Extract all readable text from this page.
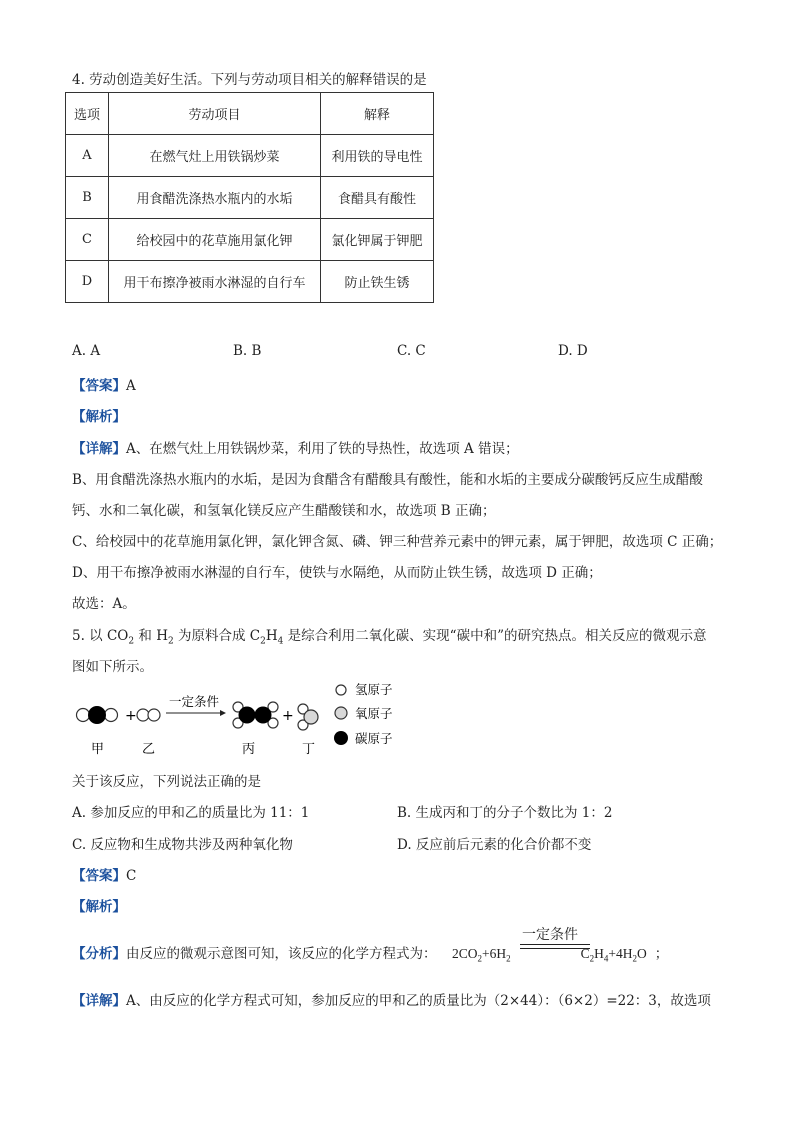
4. 劳动创造美好生活。下列与劳动项目相关的解释错误的是
选项	劳动项目	解释
A	在燃气灶上用铁锅炒菜	利用铁的导电性
B	用食醋洗涤热水瓶内的水垢	食醋具有酸性
C	给校园中的花草施用氯化钾	氯化钾属于钾肥
D	用干布擦净被雨水淋湿的自行车	防止铁生锈
A. A	B. B	C. C	D. D
【答案】A
【解析】
【详解】A、在燃气灶上用铁锅炒菜，利用了铁的导热性，故选项 A 错误；
B、用食醋洗涤热水瓶内的水垢，是因为食醋含有醋酸具有酸性，能和水垢的主要成分碳酸钙反应生成醋酸
钙、水和二氧化碳，和氢氧化镁反应产生醋酸镁和水，故选项 B 正确；
C、给校园中的花草施用氯化钾，氯化钾含氮、磷、钾三种营养元素中的钾元素，属于钾肥，故选项 C 正确；
D、用干布擦净被雨水淋湿的自行车，使铁与水隔绝，从而防止铁生锈，故选项 D 正确；
故选：A。
5. 以 $CO_2$ 和 $H_2$ 为原料合成 $C_2H_4$ 是综合利用二氧化碳、实现“碳中和”的研究热点。相关反应的微观示意
图如下所示。
+
一定条件
+
甲	乙	丙	丁
氢原子
氧原子
碳原子
关于该反应，下列说法正确的是
A. 参加反应的甲和乙的质量比为 11：1	B. 生成丙和丁的分子个数比为 1：2
C. 反应物和生成物共涉及两种氧化物	D. 反应前后元素的化合价都不变
【答案】C
【解析】
【分析】由反应的微观示意图可知，该反应的化学方程式为： $2CO_2+6H_2$	$C_2H_4+4H_2O$ ；
一定条件
【详解】A、由反应的化学方程式可知，参加反应的甲和乙的质量比为（2×44）：（6×2）=22：3，故选项
